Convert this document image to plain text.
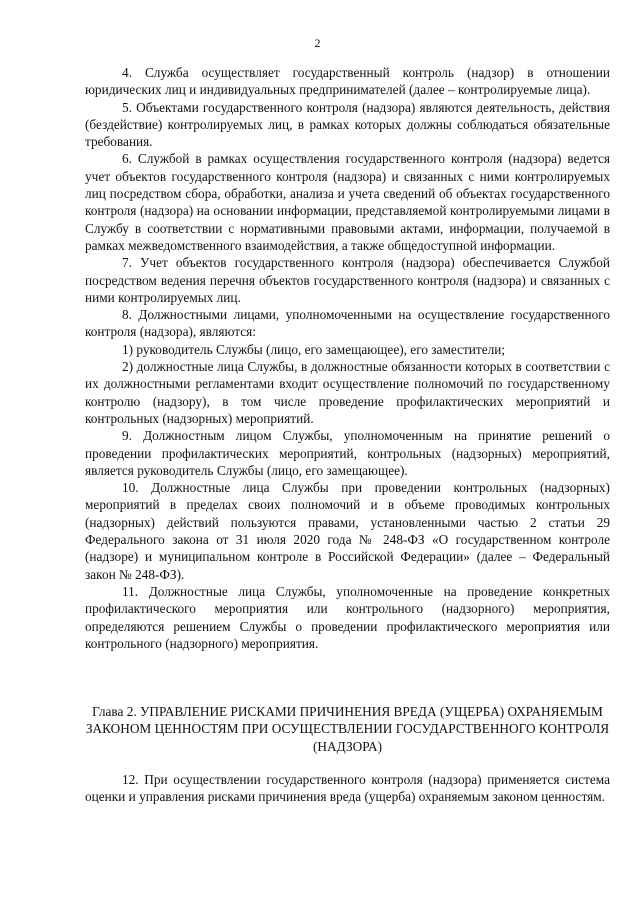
2

4. Служба осуществляет государственный контроль (надзор) в отношении юридических лиц и индивидуальных предпринимателей (далее – контролируемые лица).

5. Объектами государственного контроля (надзора) являются деятельность, действия (бездействие) контролируемых лиц, в рамках которых должны соблюдаться обязательные требования.

6. Службой в рамках осуществления государственного контроля (надзора) ведется учет объектов государственного контроля (надзора) и связанных с ними контролируемых лиц посредством сбора, обработки, анализа и учета сведений об объектах государственного контроля (надзора) на основании информации, представляемой контролируемыми лицами в Службу в соответствии с нормативными правовыми актами, информации, получаемой в рамках межведомственного взаимодействия, а также общедоступной информации.

7. Учет объектов государственного контроля (надзора) обеспечивается Службой посредством ведения перечня объектов государственного контроля (надзора) и связанных с ними контролируемых лиц.

8. Должностными лицами, уполномоченными на осуществление государственного контроля (надзора), являются:

1) руководитель Службы (лицо, его замещающее), его заместители;

2) должностные лица Службы, в должностные обязанности которых в соответствии с их должностными регламентами входит осуществление полномочий по государственному контролю (надзору), в том числе проведение профилактических мероприятий и контрольных (надзорных) мероприятий.

9. Должностным лицом Службы, уполномоченным на принятие решений о проведении профилактических мероприятий, контрольных (надзорных) мероприятий, является руководитель Службы (лицо, его замещающее).

10. Должностные лица Службы при проведении контрольных (надзорных) мероприятий в пределах своих полномочий и в объеме проводимых контрольных (надзорных) действий пользуются правами, установленными частью 2 статьи 29 Федерального закона от 31 июля 2020 года № 248-ФЗ «О государственном контроле (надзоре) и муниципальном контроле в Российской Федерации» (далее – Федеральный закон № 248-ФЗ).

11. Должностные лица Службы, уполномоченные на проведение конкретных профилактического мероприятия или контрольного (надзорного) мероприятия, определяются решением Службы о проведении профилактического мероприятия или контрольного (надзорного) мероприятия.

Глава 2. УПРАВЛЕНИЕ РИСКАМИ ПРИЧИНЕНИЯ ВРЕДА (УЩЕРБА) ОХРАНЯЕМЫМ ЗАКОНОМ ЦЕННОСТЯМ ПРИ ОСУЩЕСТВЛЕНИИ ГОСУДАРСТВЕННОГО КОНТРОЛЯ (НАДЗОРА)

12. При осуществлении государственного контроля (надзора) применяется система оценки и управления рисками причинения вреда (ущерба) охраняемым законом ценностям.
